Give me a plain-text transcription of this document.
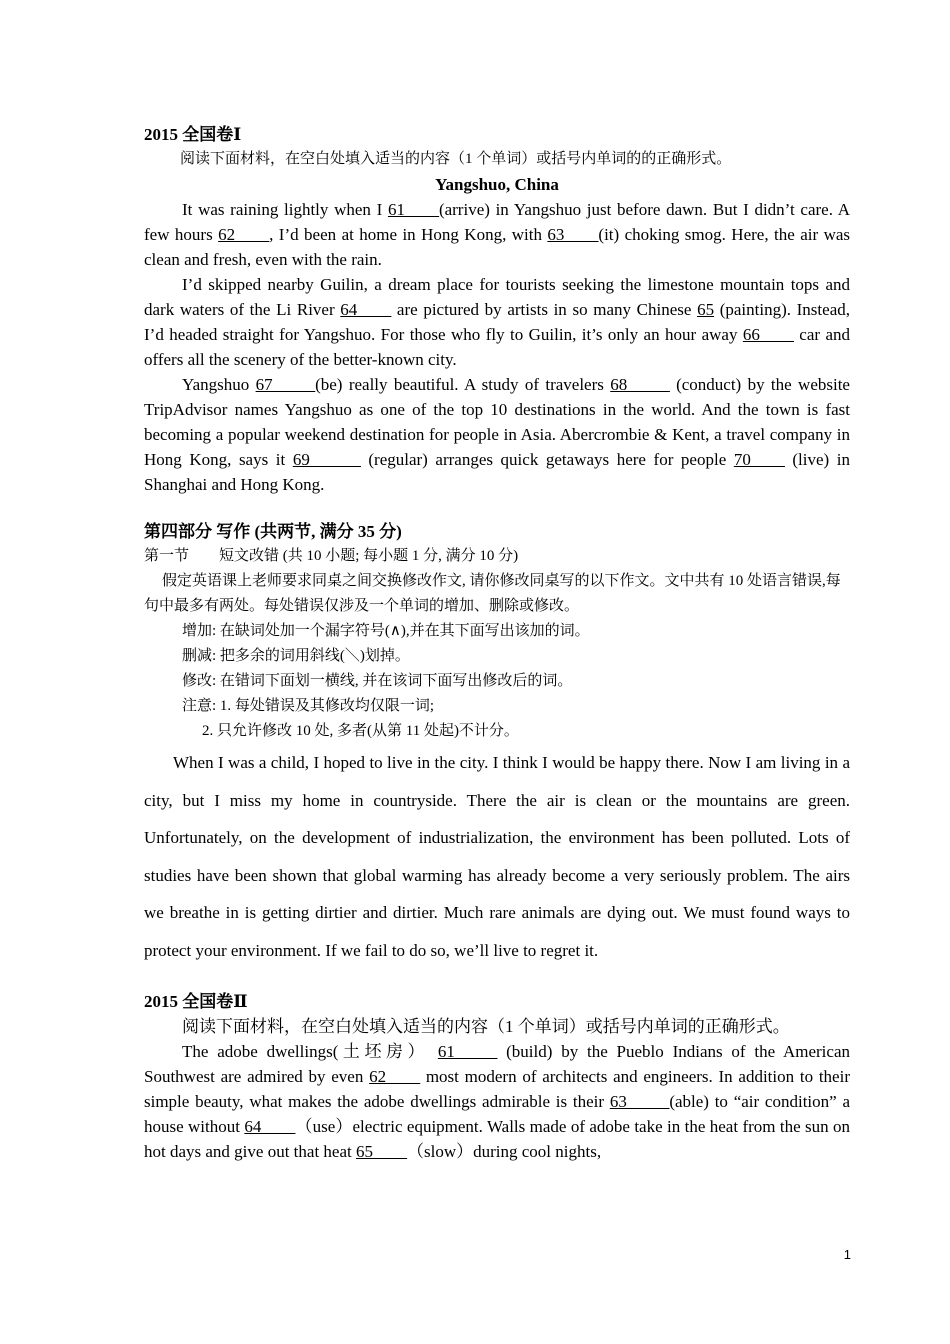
2015 全国卷Ⅰ

阅读下面材料，在空白处填入适当的内容（1 个单词）或括号内单词的的正确形式。

Yangshuo, China

It was raining lightly when I 61____(arrive) in Yangshuo just before dawn. But I didn’t care. A few hours 62____, I’d been at home in Hong Kong, with 63____(it) choking smog. Here, the air was clean and fresh, even with the rain.

I’d skipped nearby Guilin, a dream place for tourists seeking the limestone mountain tops and dark waters of the Li River 64____ are pictured by artists in so many Chinese 65 (painting). Instead, I’d headed straight for Yangshuo. For those who fly to Guilin, it’s only an hour away 66____ car and offers all the scenery of the better-known city.

Yangshuo 67_____(be) really beautiful. A study of travelers 68_____ (conduct) by the website TripAdvisor names Yangshuo as one of the top 10 destinations in the world. And the town is fast becoming a popular weekend destination for people in Asia. Abercrombie & Kent, a travel company in Hong Kong, says it 69______ (regular) arranges quick getaways here for people 70____ (live) in Shanghai and Hong Kong.

第四部分 写作 (共两节, 满分 35 分)

第一节　　短文改错 (共 10 小题; 每小题 1 分, 满分 10 分)

假定英语课上老师要求同桌之间交换修改作文, 请你修改同桌写的以下作文。文中共有 10 处语言错误,每句中最多有两处。每处错误仅涉及一个单词的增加、删除或修改。

增加: 在缺词处加一个漏字符号(∧),并在其下面写出该加的词。

删减: 把多余的词用斜线(＼)划掉。

修改: 在错词下面划一横线, 并在该词下面写出修改后的词。

注意: 1. 每处错误及其修改均仅限一词;

2. 只允许修改 10 处, 多者(从第 11 处起)不计分。

When I was a child, I hoped to live in the city. I think I would be happy there. Now I am living in a city, but I miss my home in countryside. There the air is clean or the mountains are green. Unfortunately, on the development of industrialization, the environment has been polluted. Lots of studies have been shown that global warming has already become a very seriously problem. The airs we breathe in is getting dirtier and dirtier. Much rare animals are dying out. We must found ways to protect your environment. If we fail to do so, we’ll live to regret it.

2015 全国卷Ⅱ

阅读下面材料，在空白处填入适当的内容（1 个单词）或括号内单词的正确形式。

The adobe dwellings(土坯房） 61_____ (build) by the Pueblo Indians of the American Southwest are admired by even 62____ most modern of architects and engineers. In addition to their simple beauty, what makes the adobe dwellings admirable is their 63_____(able) to “air condition” a house without 64____（use）electric equipment. Walls made of adobe take in the heat from the sun on hot days and give out that heat 65____（slow）during cool nights,

1
